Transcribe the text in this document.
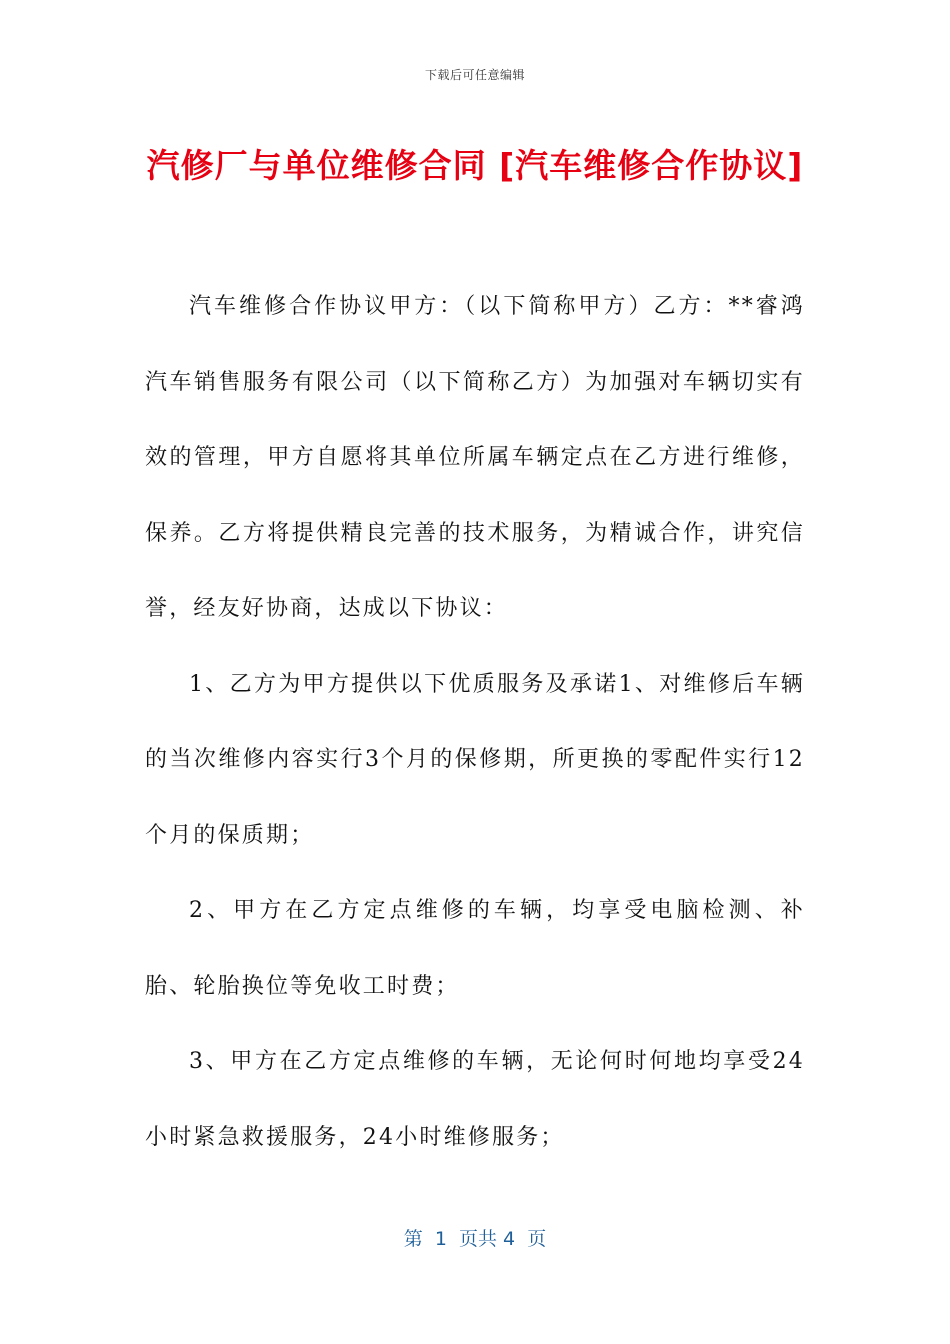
下载后可任意编辑
汽修厂与单位维修合同 [汽车维修合作协议]

汽车维修合作协议甲方：（以下简称甲方）乙方：**睿鸿汽车销售服务有限公司（以下简称乙方）为加强对车辆切实有效的管理，甲方自愿将其单位所属车辆定点在乙方进行维修，保养。乙方将提供精良完善的技术服务，为精诚合作，讲究信誉，经友好协商，达成以下协议：

1、乙方为甲方提供以下优质服务及承诺1、对维修后车辆的当次维修内容实行3个月的保修期，所更换的零配件实行12个月的保质期；

2、甲方在乙方定点维修的车辆，均享受电脑检测、补胎、轮胎换位等免收工时费；

3、甲方在乙方定点维修的车辆，无论何时何地均享受24小时紧急救援服务，24小时维修服务；

第  1  页共 4  页
